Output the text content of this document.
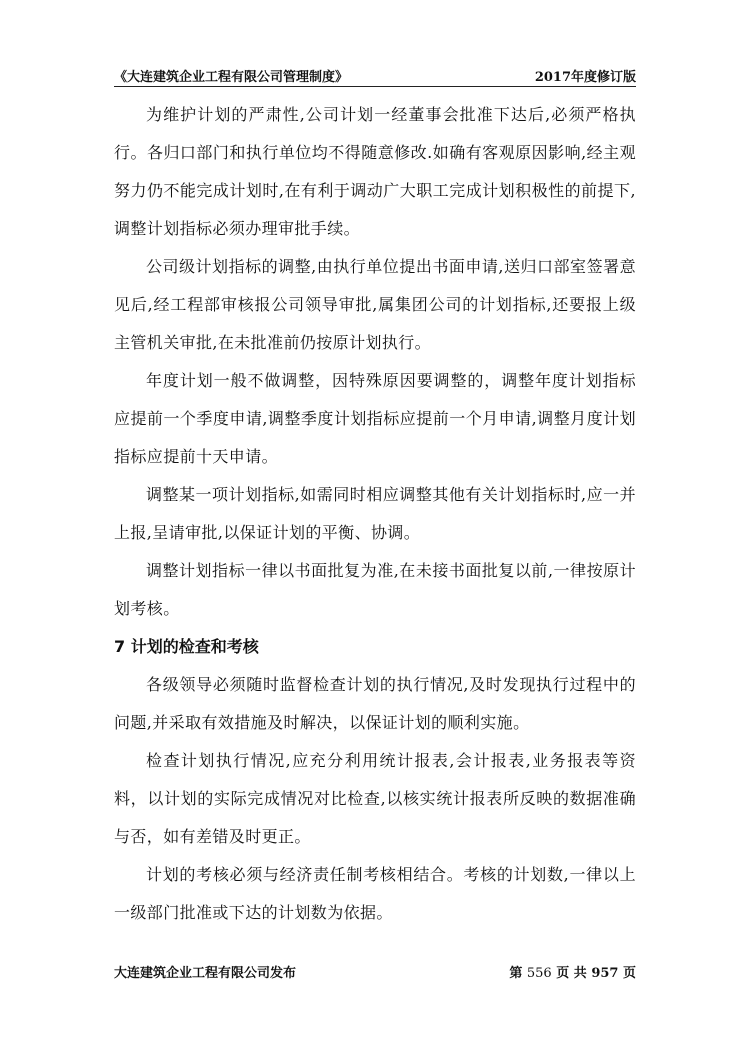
《大连建筑企业工程有限公司管理制度》	2017年度修订版

为维护计划的严肃性,公司计划一经董事会批准下达后,必须严格执行。各归口部门和执行单位均不得随意修改.如确有客观原因影响,经主观努力仍不能完成计划时,在有利于调动广大职工完成计划积极性的前提下,调整计划指标必须办理审批手续。

公司级计划指标的调整,由执行单位提出书面申请,送归口部室签署意见后,经工程部审核报公司领导审批,属集团公司的计划指标,还要报上级主管机关审批,在未批准前仍按原计划执行。

年度计划一般不做调整，因特殊原因要调整的，调整年度计划指标应提前一个季度申请,调整季度计划指标应提前一个月申请,调整月度计划指标应提前十天申请。

调整某一项计划指标,如需同时相应调整其他有关计划指标时,应一并上报,呈请审批,以保证计划的平衡、协调。

调整计划指标一律以书面批复为准,在未接书面批复以前,一律按原计划考核。

7 计划的检查和考核

各级领导必须随时监督检查计划的执行情况,及时发现执行过程中的问题,并采取有效措施及时解决，以保证计划的顺利实施。

检查计划执行情况,应充分利用统计报表,会计报表,业务报表等资料，以计划的实际完成情况对比检查,以核实统计报表所反映的数据准确与否，如有差错及时更正。

计划的考核必须与经济责任制考核相结合。考核的计划数,一律以上一级部门批准或下达的计划数为依据。

大连建筑企业工程有限公司发布	第 556 页 共 957 页
